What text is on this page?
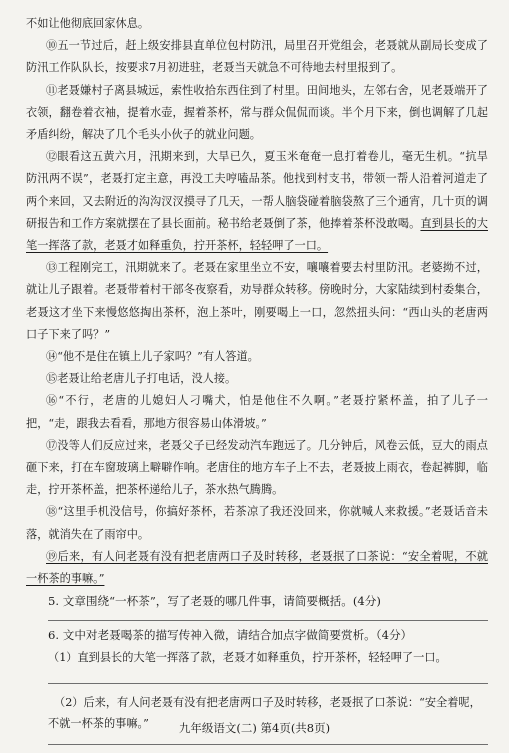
不如让他彻底回家休息。

⑩五一节过后，赶上级安排县直单位包村防汛，局里召开党组会，老聂就从副局长变成了防汛工作队队长，按要求7月初进驻，老聂当天就急不可待地去村里报到了。

⑪老聂嫌村子离县城远，索性收拾东西住到了村里。田间地头，左邻右舍，见老聂端开了衣领，翻卷着衣袖，提着水壶，握着茶杯，常与群众侃侃而谈。半个月下来，倒也调解了几起矛盾纠纷，解决了几个毛头小伙子的就业问题。

⑫眼看这五黄六月，汛期来到，大旱已久，夏玉米奄奄一息打着卷儿，毫无生机。“抗旱防汛两不误”，老聂打定主意，再没工夫哼嗑品茶。他找到村支书，带领一帮人沿着河道走了两个来回，又去附近的沟沟汊汊摸寻了几天，一帮人脑袋碰着脑袋熬了三个通宵，几十页的调研报告和工作方案就摆在了县长面前。秘书给老聂倒了茶，他捧着茶杯没敢喝。直到县长的大笔一挥落了款，老聂才如释重负，拧开茶杯，轻轻呷了一口。

⑬工程刚完工，汛期就来了。老聂在家里坐立不安，嚷嚷着要去村里防汛。老婆拗不过，就让儿子跟着。老聂带着村干部冬夜察看，劝导群众转移。傍晚时分，大家陆续到村委集合，老聂这才坐下来慢悠悠掏出茶杯，泡上茶叶，刚要喝上一口，忽然扭头问：“西山头的老唐两口子下来了吗？”

⑭“他不是住在镇上儿子家吗？”有人答道。

⑮老聂让给老唐儿子打电话，没人接。

⑯“不行，老唐的儿媳妇人刁嘴犬，怕是他住不久啊。”老聂拧紧杯盖，拍了儿子一把，“走，跟我去看看，那地方很容易山体滑坡。”

⑰没等人们反应过来，老聂父子已经发动汽车跑远了。几分钟后，风卷云低，豆大的雨点砸下来，打在车窗玻璃上噼噼作响。老唐住的地方车子上不去，老聂披上雨衣，卷起裤脚，临走，拧开茶杯盖，把茶杯递给儿子，茶水热气腾腾。

⑱“这里手机没信号，你搞好茶杯，若茶凉了我还没回来，你就喊人来救援。”老聂话音未落，就消失在了雨帘中。

⑲后来，有人问老聂有没有把老唐两口子及时转移，老聂抿了口茶说：“安全着呢，不就一杯茶的事嘛。”

5. 文章围绕“一杯茶”，写了老聂的哪几件事，请简要概括。(4分)

6. 文中对老聂喝茶的描写传神入微，请结合加点字做简要赏析。（4分）

（1）直到县长的大笔一挥落了款，老聂才如释重负，拧开茶杯，轻轻呷了一口。

（2）后来，有人问老聂有没有把老唐两口子及时转移，老聂抿了口茶说：“安全着呢，不就一杯茶的事嘛。”	九年级语文(二) 第4页(共8页)
